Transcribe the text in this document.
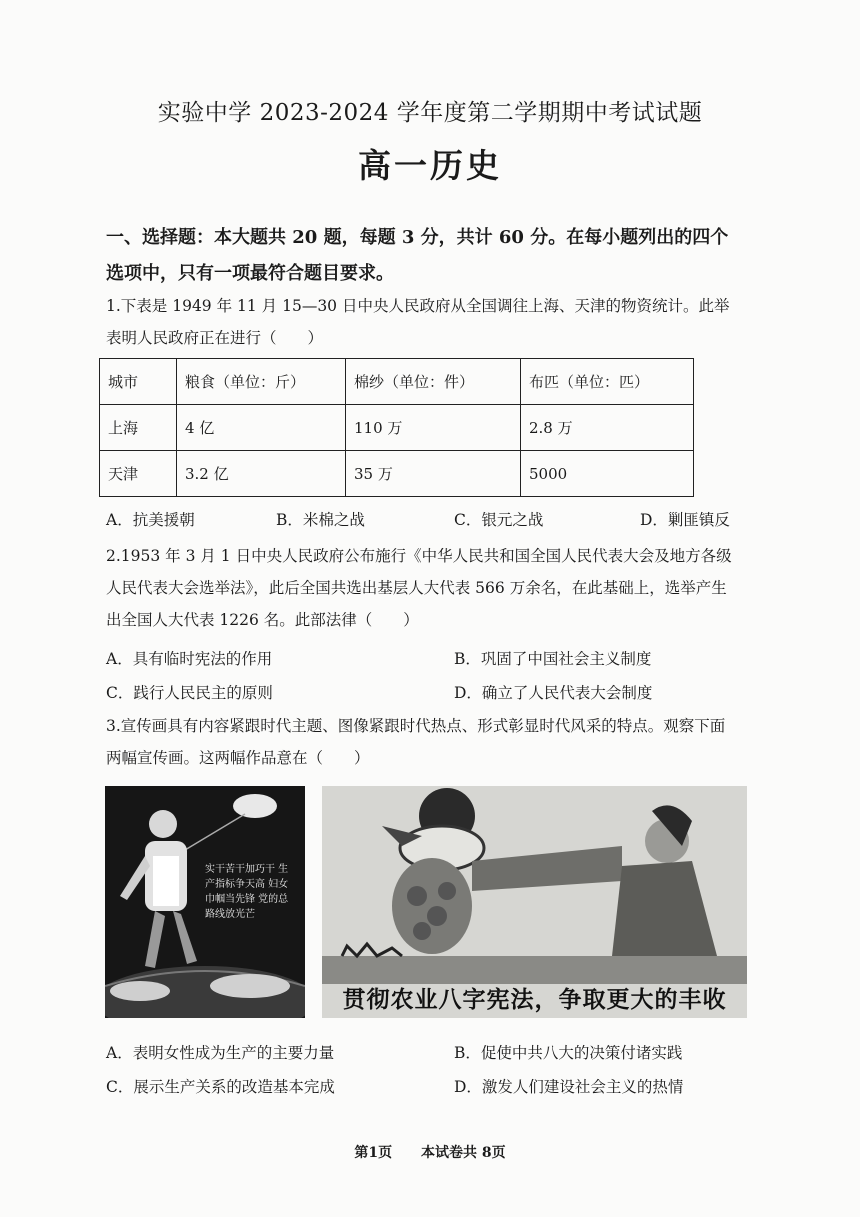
实验中学 2023-2024 学年度第二学期期中考试试题
高一历史
一、选择题：本大题共 20 题，每题 3 分，共计 60 分。在每小题列出的四个
选项中，只有一项最符合题目要求。
1.下表是 1949 年 11 月 15—30 日中央人民政府从全国调往上海、天津的物资统计。此举
表明人民政府正在进行（　　）
城市	粮食（单位：斤）	棉纱（单位：件）	布匹（单位：匹）
上海	4 亿	110 万	2.8 万
天津	3.2 亿	35 万	5000
A．抗美援朝	B．米棉之战	C．银元之战	D．剿匪镇反
2.1953 年 3 月 1 日中央人民政府公布施行《中华人民共和国全国人民代表大会及地方各级
人民代表大会选举法》，此后全国共选出基层人大代表 566 万余名，在此基础上，选举产生
出全国人大代表 1226 名。此部法律（　　）
A．具有临时宪法的作用	B．巩固了中国社会主义制度
C．践行人民民主的原则	D．确立了人民代表大会制度
3.宣传画具有内容紧跟时代主题、图像紧跟时代热点、形式彰显时代风采的特点。观察下面
两幅宣传画。这两幅作品意在（　　）
实干苦干加巧干 生产指标争天高 妇女巾帼当先锋 党的总路线放光芒
贯彻农业八字宪法，争取更大的丰收
A．表明女性成为生产的主要力量	B．促使中共八大的决策付诸实践
C．展示生产关系的改造基本完成	D．激发人们建设社会主义的热情
第1页 本试卷共 8页
